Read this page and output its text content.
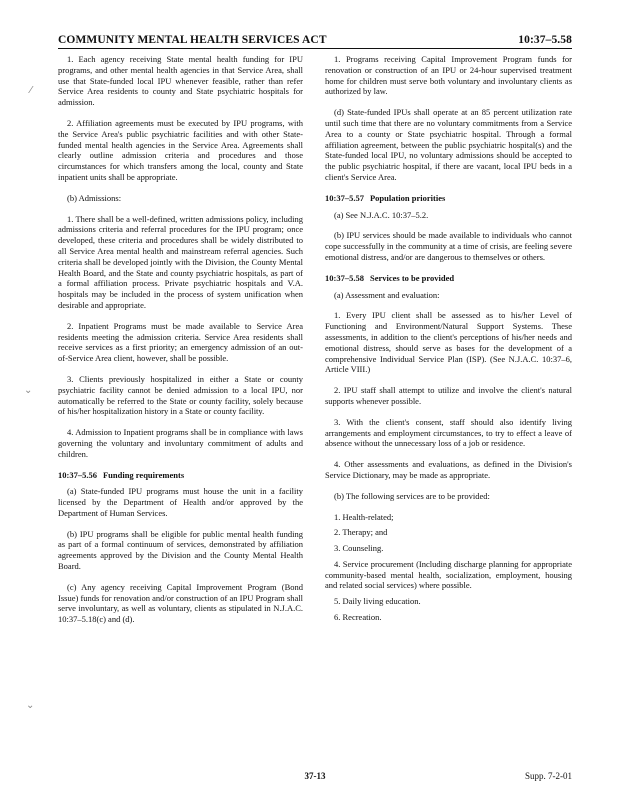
COMMUNITY MENTAL HEALTH SERVICES ACT	10:37–5.58

1. Each agency receiving State mental health funding for IPU programs, and other mental health agencies in that Service Area, shall use that State-funded local IPU whenever feasible, rather than refer Service Area residents to county and State psychiatric hospitals for admission.

2. Affiliation agreements must be executed by IPU programs, with the Service Area's public psychiatric facilities and with other State-funded mental health agencies in the Service Area. Agreements shall clearly outline admission criteria and procedures and those circumstances for which transfers among the local, county and State inpatient units shall be appropriate.

(b) Admissions:

1. There shall be a well-defined, written admissions policy, including admissions criteria and referral procedures for the IPU program; once developed, these criteria and procedures shall be widely distributed to all Service Area mental health and mainstream referral agencies. Such criteria shall be developed jointly with the Division, the County Mental Health Board, and the State and county psychiatric hospitals, as part of a formal affiliation process. Private psychiatric hospitals and V.A. hospitals may be included in the process of system unification when desirable and appropriate.

2. Inpatient Programs must be made available to Service Area residents meeting the admission criteria. Service Area residents shall receive services as a first priority; an emergency admission of an out-of-Service Area client, however, shall be possible.

3. Clients previously hospitalized in either a State or county psychiatric facility cannot be denied admission to a local IPU, nor automatically be referred to the State or county facility, solely because of his/her hospitalization history in a State or county facility.

4. Admission to Inpatient programs shall be in compliance with laws governing the voluntary and involuntary commitment of adults and children.

10:37–5.56 Funding requirements

(a) State-funded IPU programs must house the unit in a facility licensed by the Department of Health and/or approved by the Department of Human Services.

(b) IPU programs shall be eligible for public mental health funding as part of a formal continuum of services, demonstrated by affiliation agreements approved by the Division and the County Mental Health Board.

(c) Any agency receiving Capital Improvement Program (Bond Issue) funds for renovation and/or construction of an IPU Program shall serve involuntary, as well as voluntary, clients as stipulated in N.J.A.C. 10:37–5.18(c) and (d).

1. Programs receiving Capital Improvement Program funds for renovation or construction of an IPU or 24-hour supervised treatment home for children must serve both voluntary and involuntary clients as authorized by law.

(d) State-funded IPUs shall operate at an 85 percent utilization rate until such time that there are no voluntary commitments from a Service Area to a county or State psychiatric hospital. Through a formal affiliation agreement, between the public psychiatric hospital(s) and the State-funded local IPU, no voluntary admissions should be accepted to the public psychiatric hospital, if there are vacant, local IPU beds in a client's Service Area.

10:37–5.57 Population priorities

(a) See N.J.A.C. 10:37–5.2.

(b) IPU services should be made available to individuals who cannot cope successfully in the community at a time of crisis, are feeling severe emotional distress, and/or are dangerous to themselves or others.

10:37–5.58 Services to be provided

(a) Assessment and evaluation:

1. Every IPU client shall be assessed as to his/her Level of Functioning and Environment/Natural Support Systems. These assessments, in addition to the client's perceptions of his/her needs and emotional distress, should serve as bases for the development of a comprehensive Individual Service Plan (ISP). (See N.J.A.C. 10:37–6, Article VIII.)

2. IPU staff shall attempt to utilize and involve the client's natural supports whenever possible.

3. With the client's consent, staff should also identify living arrangements and employment circumstances, to try to effect a leave of absence without the unnecessary loss of a job or residence.

4. Other assessments and evaluations, as defined in the Division's Service Dictionary, may be made as appropriate.

(b) The following services are to be provided:

1. Health-related;

2. Therapy; and

3. Counseling.

4. Service procurement (Including discharge planning for appropriate community-based mental health, socialization, employment, housing and related social services) where possible.

5. Daily living education.

6. Recreation.

⁄
⌄
⌄
37-13	Supp. 7-2-01
